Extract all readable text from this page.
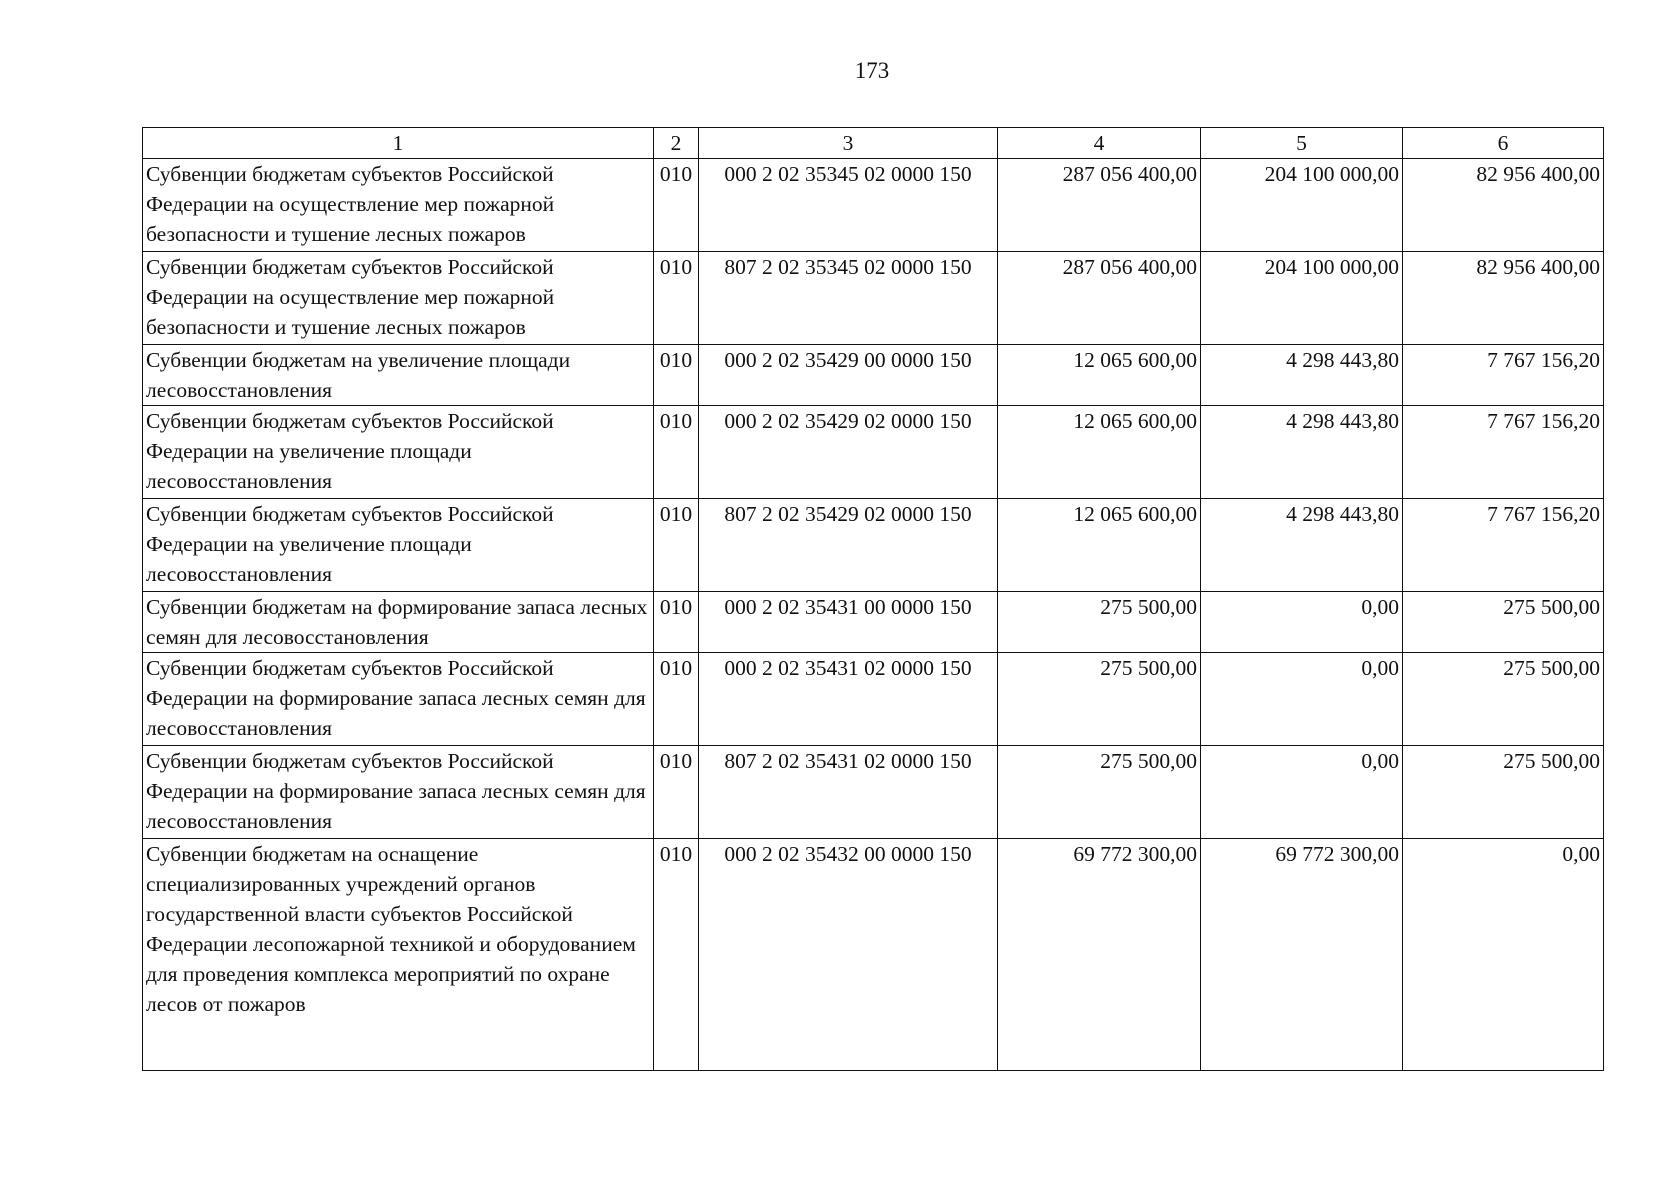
173
1	2	3	4	5	6
Субвенции бюджетам субъектов Российской Федерации на осуществление мер пожарной безопасности и тушение лесных пожаров	010	000 2 02 35345 02 0000 150	287 056 400,00	204 100 000,00	82 956 400,00
Субвенции бюджетам субъектов Российской Федерации на осуществление мер пожарной безопасности и тушение лесных пожаров	010	807 2 02 35345 02 0000 150	287 056 400,00	204 100 000,00	82 956 400,00
Субвенции бюджетам на увеличение площади лесовосстановления	010	000 2 02 35429 00 0000 150	12 065 600,00	4 298 443,80	7 767 156,20
Субвенции бюджетам субъектов Российской Федерации на увеличение площади лесовосстановления	010	000 2 02 35429 02 0000 150	12 065 600,00	4 298 443,80	7 767 156,20
Субвенции бюджетам субъектов Российской Федерации на увеличение площади лесовосстановления	010	807 2 02 35429 02 0000 150	12 065 600,00	4 298 443,80	7 767 156,20
Субвенции бюджетам на формирование запаса лесных семян для лесовосстановления	010	000 2 02 35431 00 0000 150	275 500,00	0,00	275 500,00
Субвенции бюджетам субъектов Российской Федерации на формирование запаса лесных семян для лесовосстановления	010	000 2 02 35431 02 0000 150	275 500,00	0,00	275 500,00
Субвенции бюджетам субъектов Российской Федерации на формирование запаса лесных семян для лесовосстановления	010	807 2 02 35431 02 0000 150	275 500,00	0,00	275 500,00
Субвенции бюджетам на оснащение специализированных учреждений органов государственной власти субъектов Российской Федерации лесопожарной техникой и оборудованием для проведения комплекса мероприятий по охране лесов от пожаров	010	000 2 02 35432 00 0000 150	69 772 300,00	69 772 300,00	0,00
